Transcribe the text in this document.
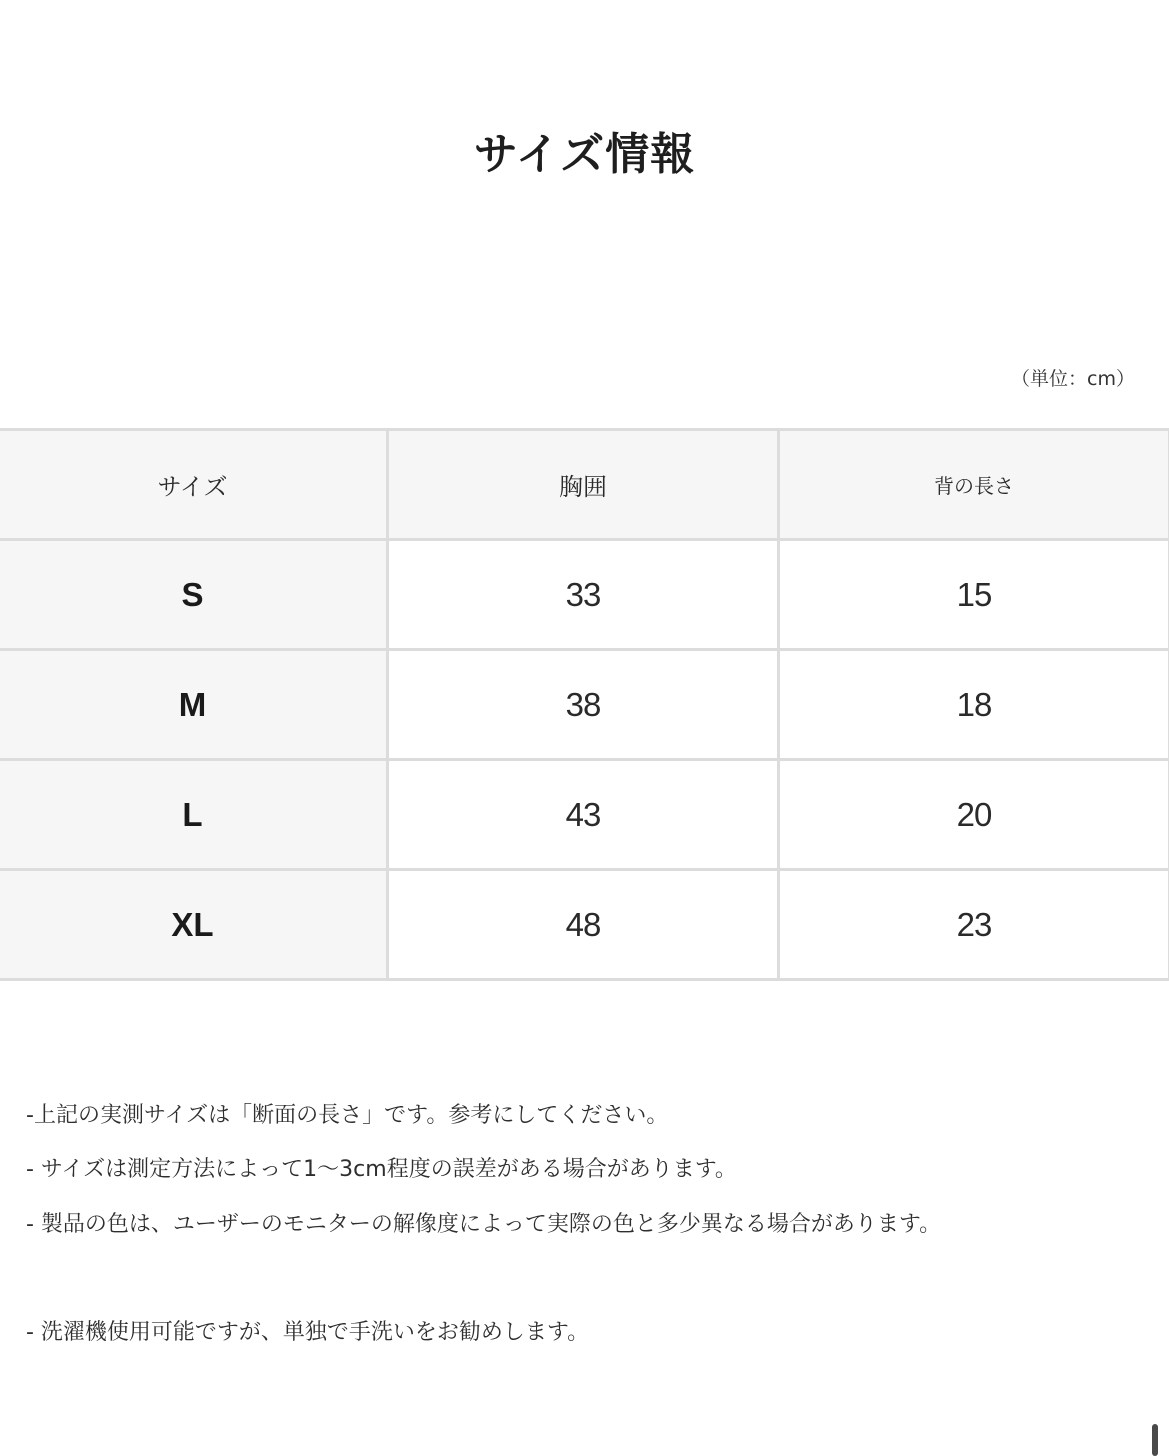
サイズ情報
（単位：cm）
サイズ	胸囲	背の長さ
S	33	15
M	38	18
L	43	20
XL	48	23
-上記の実測サイズは「断面の長さ」です。参考にしてください。
- サイズは測定方法によって1～3cm程度の誤差がある場合があります。
- 製品の色は、ユーザーのモニターの解像度によって実際の色と多少異なる場合があります。
- 洗濯機使用可能ですが、単独で手洗いをお勧めします。
